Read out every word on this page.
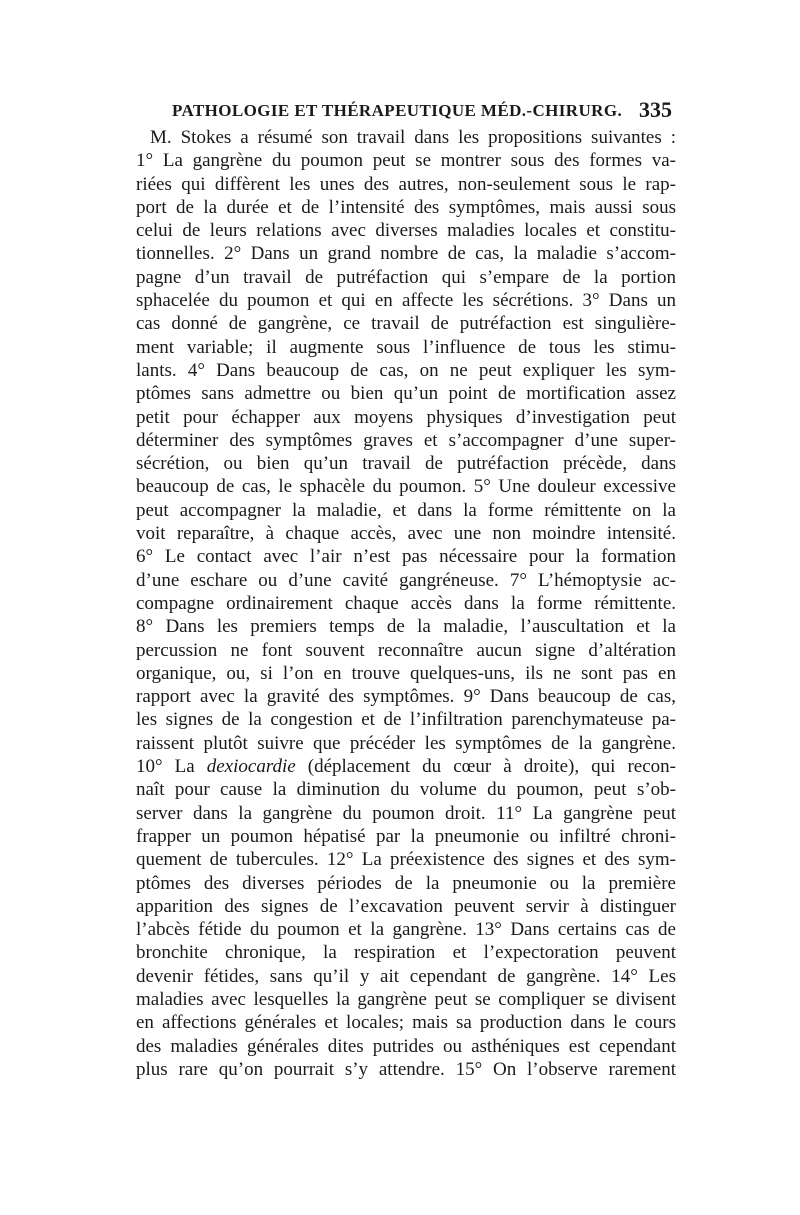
PATHOLOGIE ET THÉRAPEUTIQUE MÉD.-CHIRURG. 335
M. Stokes a résumé son travail dans les propositions suivantes :
1° La gangrène du poumon peut se montrer sous des formes va-
riées qui diffèrent les unes des autres, non-seulement sous le rap-
port de la durée et de l’intensité des symptômes, mais aussi sous
celui de leurs relations avec diverses maladies locales et constitu-
tionnelles. 2° Dans un grand nombre de cas, la maladie s’accom-
pagne d’un travail de putréfaction qui s’empare de la portion
sphacelée du poumon et qui en affecte les sécrétions. 3° Dans un
cas donné de gangrène, ce travail de putréfaction est singulière-
ment variable; il augmente sous l’influence de tous les stimu-
lants. 4° Dans beaucoup de cas, on ne peut expliquer les sym-
ptômes sans admettre ou bien qu’un point de mortification assez
petit pour échapper aux moyens physiques d’investigation peut
déterminer des symptômes graves et s’accompagner d’une super-
sécrétion, ou bien qu’un travail de putréfaction précède, dans
beaucoup de cas, le sphacèle du poumon. 5° Une douleur excessive
peut accompagner la maladie, et dans la forme rémittente on la
voit reparaître, à chaque accès, avec une non moindre intensité.
6° Le contact avec l’air n’est pas nécessaire pour la formation
d’une eschare ou d’une cavité gangréneuse. 7° L’hémoptysie ac-
compagne ordinairement chaque accès dans la forme rémittente.
8° Dans les premiers temps de la maladie, l’auscultation et la
percussion ne font souvent reconnaître aucun signe d’altération
organique, ou, si l’on en trouve quelques-uns, ils ne sont pas en
rapport avec la gravité des symptômes. 9° Dans beaucoup de cas,
les signes de la congestion et de l’infiltration parenchymateuse pa-
raissent plutôt suivre que précéder les symptômes de la gangrène.
10° La dexiocardie (déplacement du cœur à droite), qui recon-
naît pour cause la diminution du volume du poumon, peut s’ob-
server dans la gangrène du poumon droit. 11° La gangrène peut
frapper un poumon hépatisé par la pneumonie ou infiltré chroni-
quement de tubercules. 12° La préexistence des signes et des sym-
ptômes des diverses périodes de la pneumonie ou la première
apparition des signes de l’excavation peuvent servir à distinguer
l’abcès fétide du poumon et la gangrène. 13° Dans certains cas de
bronchite chronique, la respiration et l’expectoration peuvent
devenir fétides, sans qu’il y ait cependant de gangrène. 14° Les
maladies avec lesquelles la gangrène peut se compliquer se divisent
en affections générales et locales; mais sa production dans le cours
des maladies générales dites putrides ou asthéniques est cependant
plus rare qu’on pourrait s’y attendre. 15° On l’observe rarement
